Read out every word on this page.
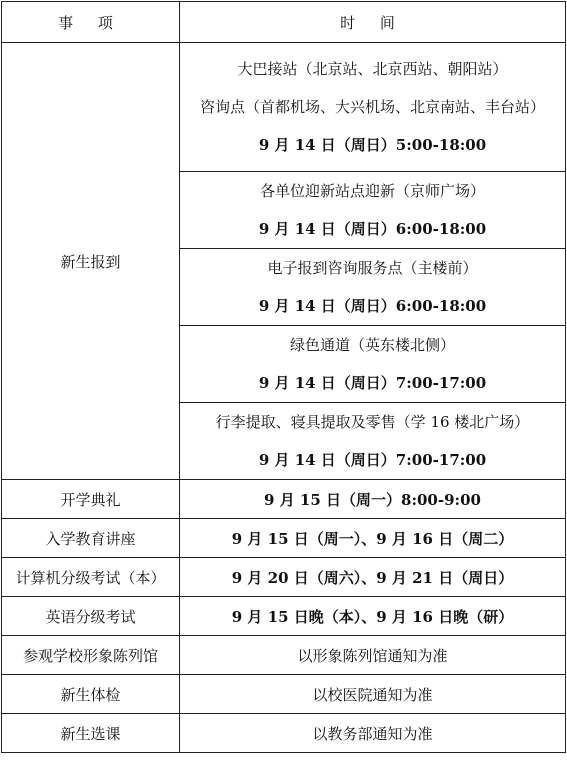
事 项	时 间
新生报到	大巴接站（北京站、北京西站、朝阳站）
咨询点（首都机场、大兴机场、北京南站、丰台站）
9 月 14 日（周日）5:00-18:00

	各单位迎新站点迎新（京师广场）
9 月 14 日（周日）6:00-18:00

	电子报到咨询服务点（主楼前）
9 月 14 日（周日）6:00-18:00

	绿色通道（英东楼北侧）
9 月 14 日（周日）7:00-17:00

	行李提取、寝具提取及零售（学 16 楼北广场）
9 月 14 日（周日）7:00-17:00

开学典礼	9 月 15 日（周一）8:00-9:00
入学教育讲座	9 月 15 日（周一）、9 月 16 日（周二）
计算机分级考试（本）	9 月 20 日（周六）、9 月 21 日（周日）
英语分级考试	9 月 15 日晚（本）、9 月 16 日晚（研）
参观学校形象陈列馆	以形象陈列馆通知为准
新生体检	以校医院通知为准
新生选课	以教务部通知为准
